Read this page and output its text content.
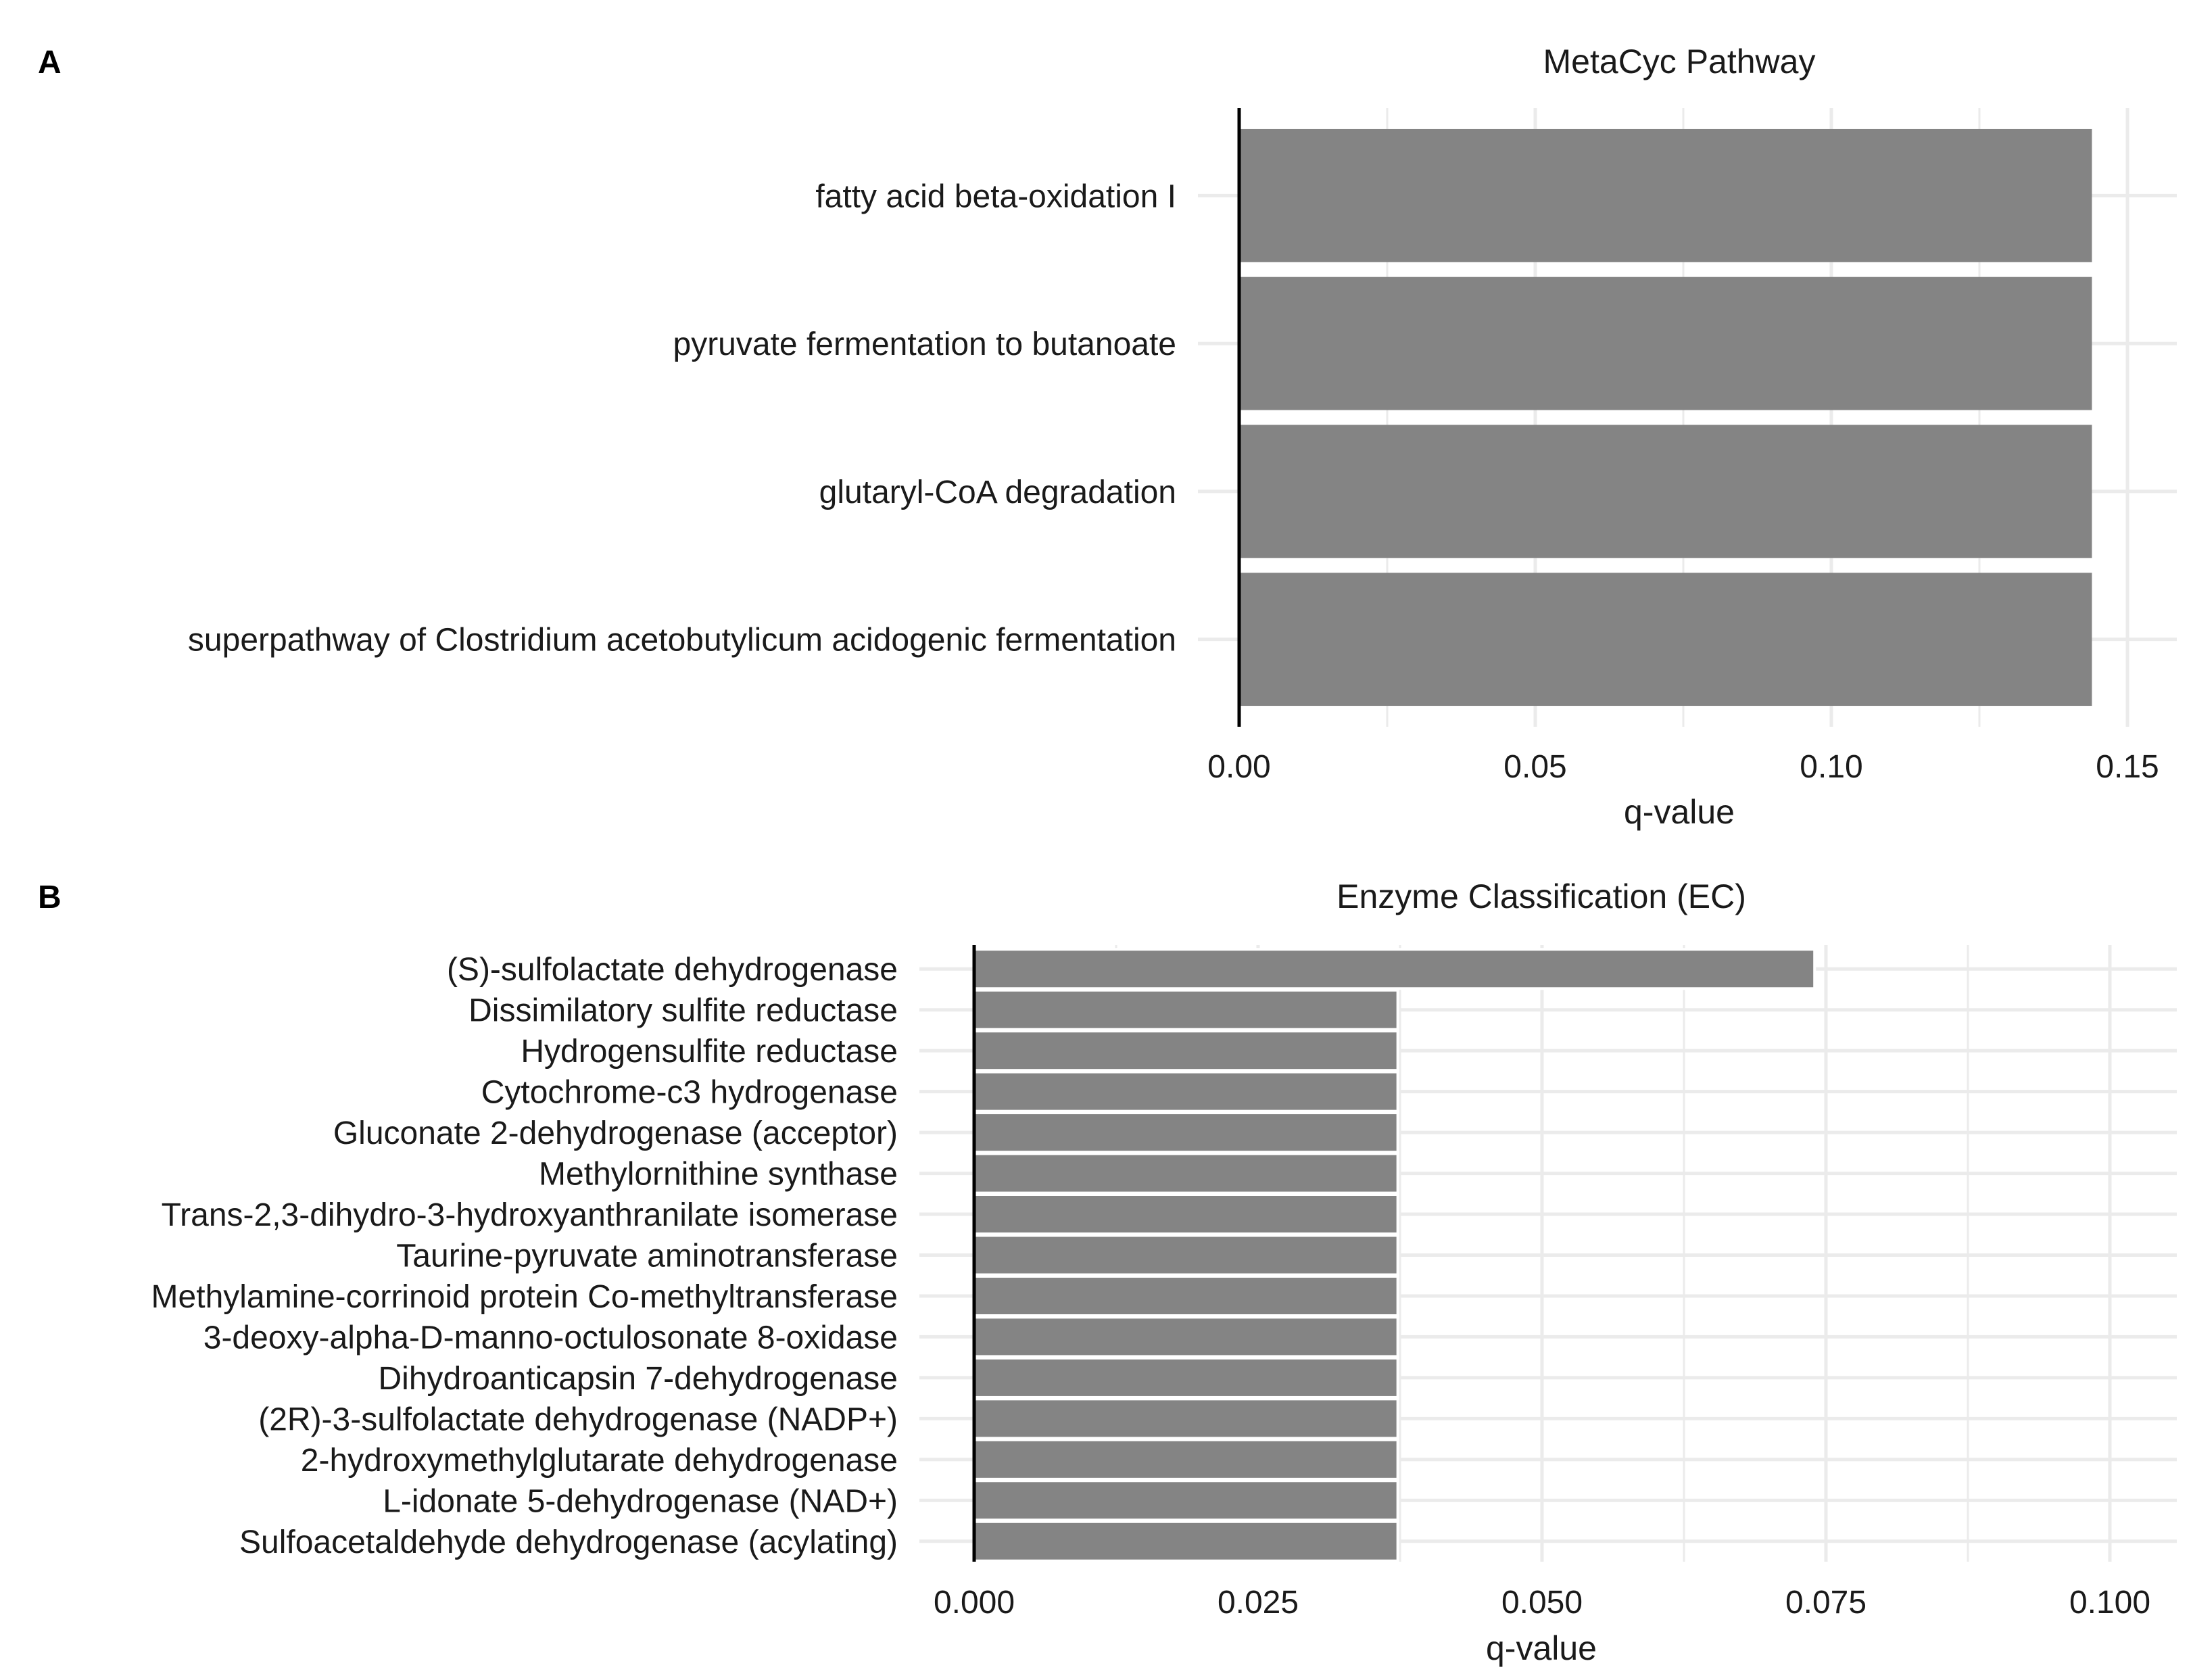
A	MetaCyc Pathway
fatty acid beta-oxidation I
pyruvate fermentation to butanoate
glutaryl-CoA degradation
superpathway of Clostridium acetobutylicum acidogenic fermentation
0.00	0.05	0.10	0.15
q-value
B	Enzyme Classification (EC)
(S)-sulfolactate dehydrogenase
Dissimilatory sulfite reductase
Hydrogensulfite reductase
Cytochrome-c3 hydrogenase
Gluconate 2-dehydrogenase (acceptor)
Methylornithine synthase
Trans-2,3-dihydro-3-hydroxyanthranilate isomerase
Taurine-pyruvate aminotransferase
Methylamine-corrinoid protein Co-methyltransferase
3-deoxy-alpha-D-manno-octulosonate 8-oxidase
Dihydroanticapsin 7-dehydrogenase
(2R)-3-sulfolactate dehydrogenase (NADP+)
2-hydroxymethylglutarate dehydrogenase
L-idonate 5-dehydrogenase (NAD+)
Sulfoacetaldehyde dehydrogenase (acylating)
0.000	0.025	0.050	0.075	0.100
q-value
